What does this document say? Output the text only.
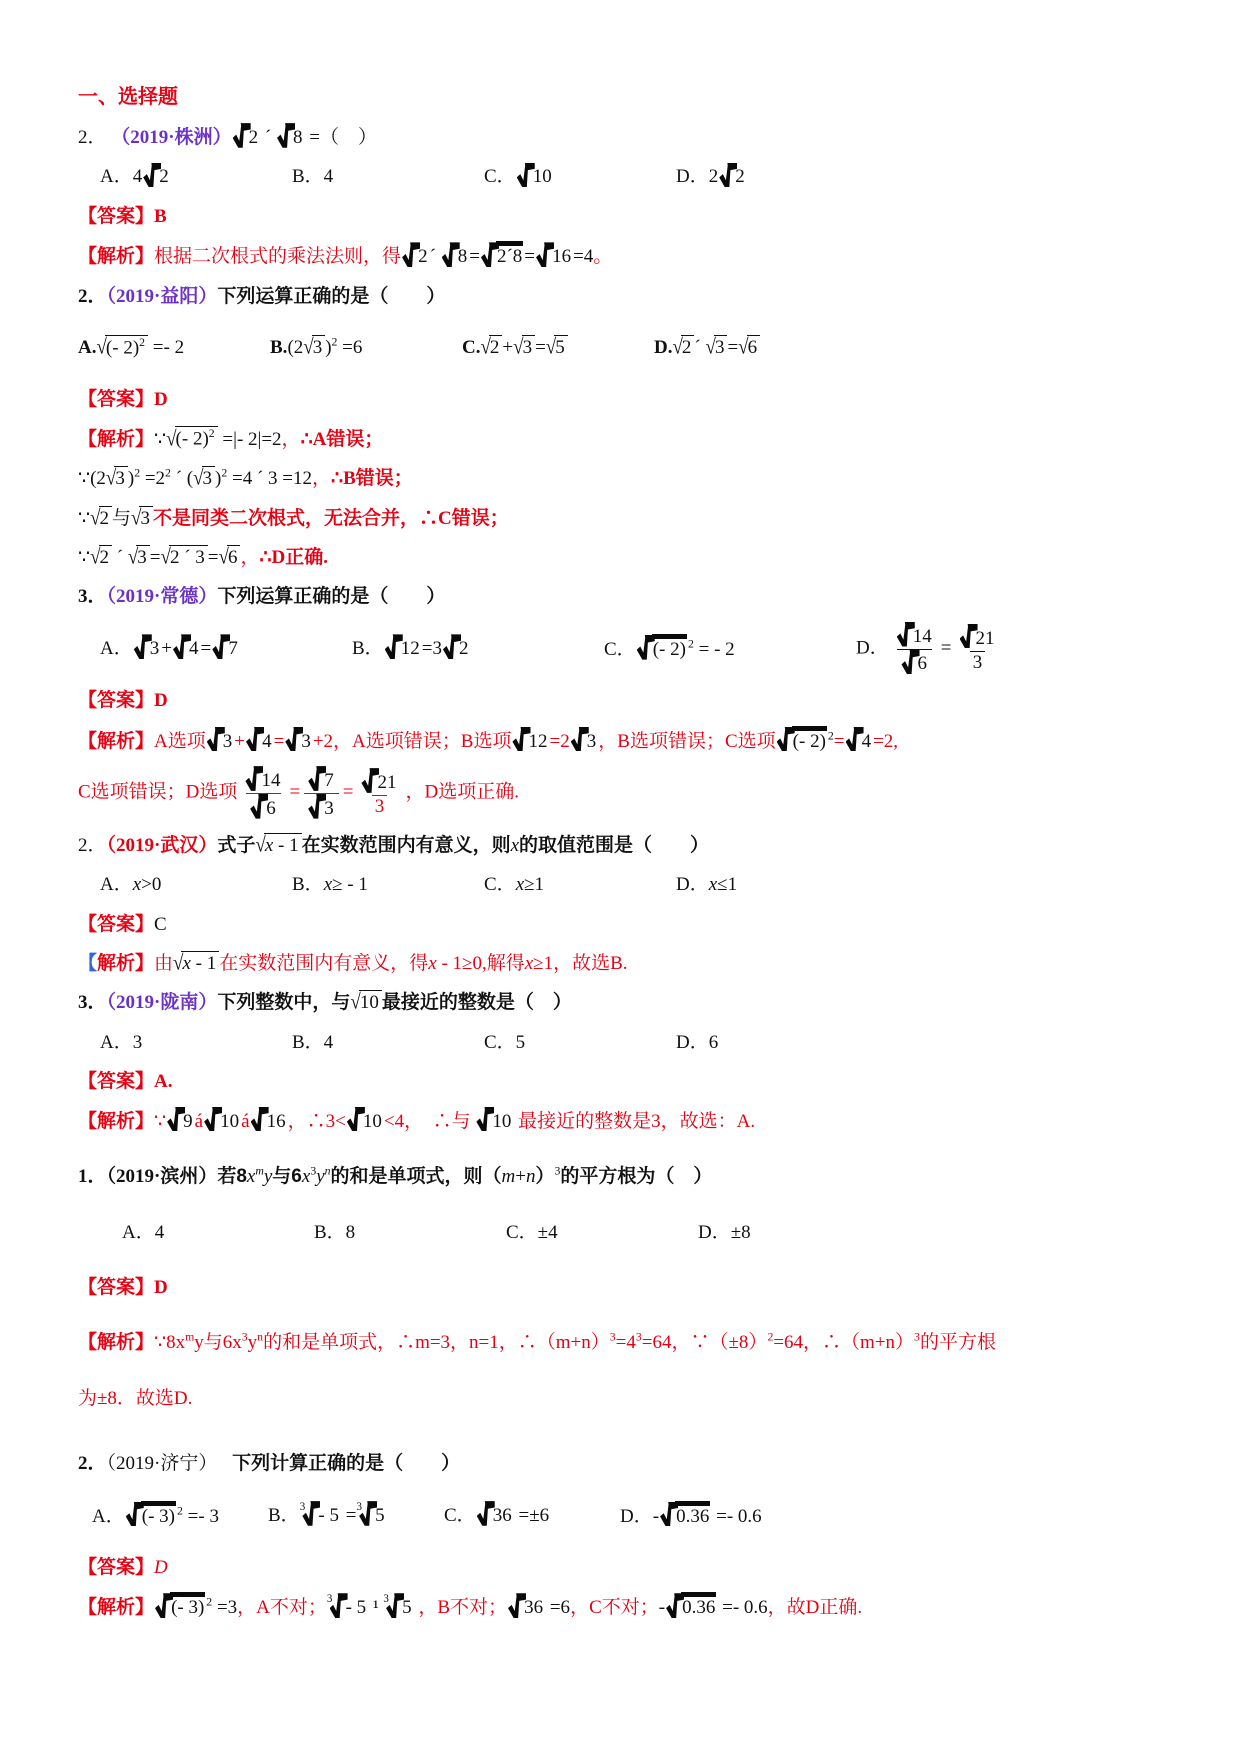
一、选择题

2． （2019·株洲） 2 ´ 8 =（　）

A．4 2	B．4	C． 10	D．2 2

【答案】B

【解析】根据二次根式的乘法法则，得 2 ´ 8 = 2´8 = 16 =4。

2．（2019·益阳）下列运算正确的是（　　）

A.√(- 2)$^2$ =- 2	B.(2√3 )$^2$ =6	C.√2 +√3 =√5	D.√2 ´ √3 =√6

【答案】D

【解析】∵√(- 2)$^2$ =|- 2|=2，∴A错误；

∵(2√3 )$^2 =2^2$ ´ (√3 )$^2$ =4 ´ 3 =12，∴B错误；

∵√2 与√3 不是同类二次根式，无法合并，∴C错误；

∵√2 ´ √3 =√2 ´ 3 =√6 ，∴D正确.

3．（2019·常德）下列运算正确的是（　　）

A． 3 + 4 = 7	B． 12 =3 2	C． (- 2) $^2$ = - 2	D． $\frac{14}{6} = \frac{21}{3}$

【答案】D

【解析】A选项 3 + 4 = 3 +2，A选项错误；B选项 12 =2 3 ，B选项错误；C选项 (- 2) $^2$= 4 =2,

C选项错误；D选项 $\frac{14}{6} = \frac{7}{3} = \frac{21}{3}$ ，D选项正确.

2．（2019·武汉）式子√x - 1 在实数范围内有意义，则x的取值范围是（　　）

A．x>0	B．x≥ - 1	C．x≥1	D．x≤1

【答案】C

【解析】由√x - 1 在实数范围内有意义，得x - 1≥0,解得x≥1，故选B.

3．（2019·陇南）下列整数中，与√10 最接近的整数是（　）

A．3	B．4	C．5	D．6

【答案】A.

【解析】∵ 9 á 10 á 16 ，∴3< 10 <4，　∴与 10 最接近的整数是3，故选：A.

1．（2019·滨州）若$8x^my$与$6x^3y^n$的和是单项式，则$(m+n)^3$的平方根为（　）

A．4	B．8	C．±4	D．±8

【答案】D

【解析】$\because 8x^my$与$6x^3y^n$的和是单项式，∴m=3，n=1，$\therefore(m+n)^3=4^3=64$，$\because(\pm 8)^2=64$，$\therefore(m+n)^3$的平方根

为±8．故选D.

2．（2019·济宁）　 下列计算正确的是（　　）

A． (- 3) $^2$ =- 3	B．$^3$ - 5 =$^3$ 5	C． 36 =±6	D．- 0.36 =- 0.6

【答案】D

【解析】 (- 3) $^2$ =3，A不对；$^3$ - 5 ¹ $^3$ 5 ，B不对； 36 =6，C不对；- 0.36 =- 0.6，故D正确.
